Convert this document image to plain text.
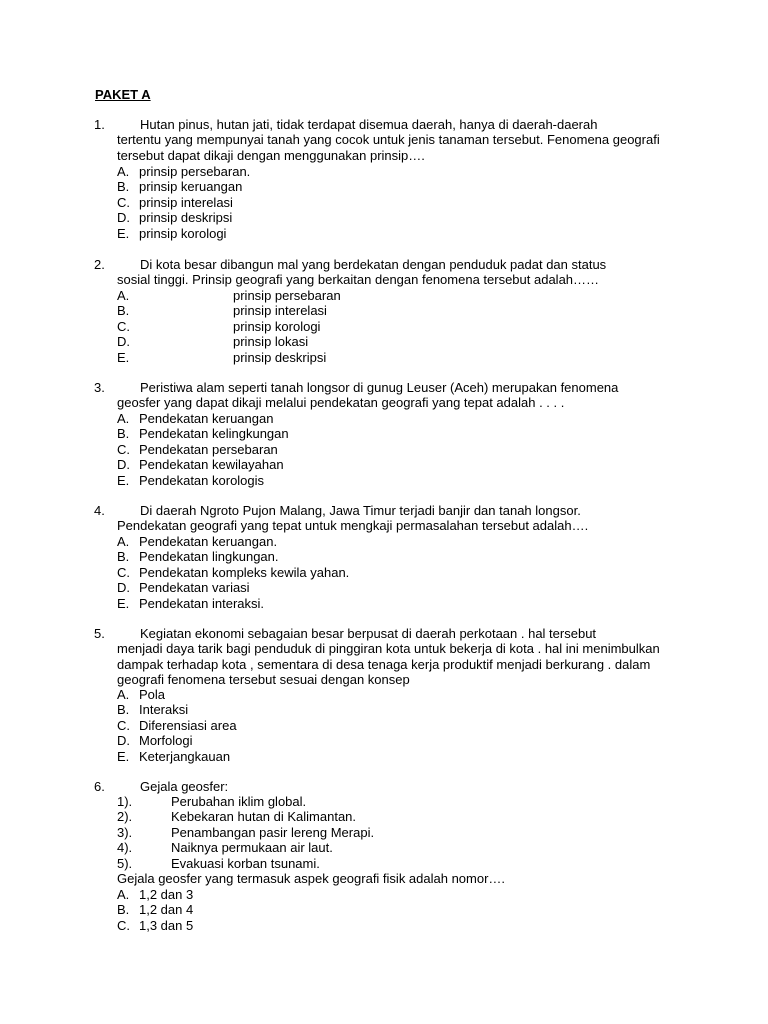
PAKET A
1.	Hutan pinus, hutan jati, tidak terdapat disemua daerah, hanya di daerah-daerah
tertentu yang mempunyai tanah yang cocok untuk jenis tanaman tersebut. Fenomena geografi tersebut dapat dikaji dengan menggunakan prinsip….
A. prinsip persebaran.
B. prinsip keruangan
C. prinsip interelasi
D. prinsip deskripsi
E. prinsip korologi
2.	Di kota besar dibangun mal yang berdekatan dengan penduduk padat dan status
sosial tinggi. Prinsip geografi yang berkaitan dengan fenomena tersebut adalah……
A.	prinsip persebaran
B.	prinsip interelasi
C.	prinsip korologi
D.	prinsip lokasi
E.	prinsip deskripsi
3.	Peristiwa alam seperti tanah longsor di gunug Leuser (Aceh) merupakan fenomena
geosfer yang dapat dikaji melalui pendekatan geografi yang tepat adalah . . . .
A. Pendekatan keruangan
B. Pendekatan kelingkungan
C. Pendekatan persebaran
D. Pendekatan kewilayahan
E. Pendekatan korologis
4.	Di daerah Ngroto Pujon Malang, Jawa Timur terjadi banjir dan tanah longsor.
Pendekatan geografi yang tepat untuk mengkaji permasalahan tersebut adalah….
A. Pendekatan keruangan.
B. Pendekatan lingkungan.
C. Pendekatan kompleks kewila yahan.
D. Pendekatan variasi
E. Pendekatan interaksi.
5.	Kegiatan ekonomi sebagaian besar berpusat di daerah perkotaan . hal tersebut
menjadi daya tarik bagi penduduk di pinggiran kota untuk bekerja di kota . hal ini menimbulkan dampak terhadap kota , sementara di desa tenaga kerja produktif menjadi berkurang . dalam geografi fenomena tersebut sesuai dengan konsep
A. Pola
B. Interaksi
C. Diferensiasi area
D. Morfologi
E. Keterjangkauan
6.	Gejala geosfer:
1).	Perubahan iklim global.
2).	Kebekaran hutan di Kalimantan.
3).	Penambangan pasir lereng Merapi.
4).	Naiknya permukaan air laut.
5).	Evakuasi korban tsunami.
Gejala geosfer yang termasuk aspek geografi fisik adalah nomor….
A. 1,2 dan 3
B. 1,2 dan 4
C. 1,3 dan 5
